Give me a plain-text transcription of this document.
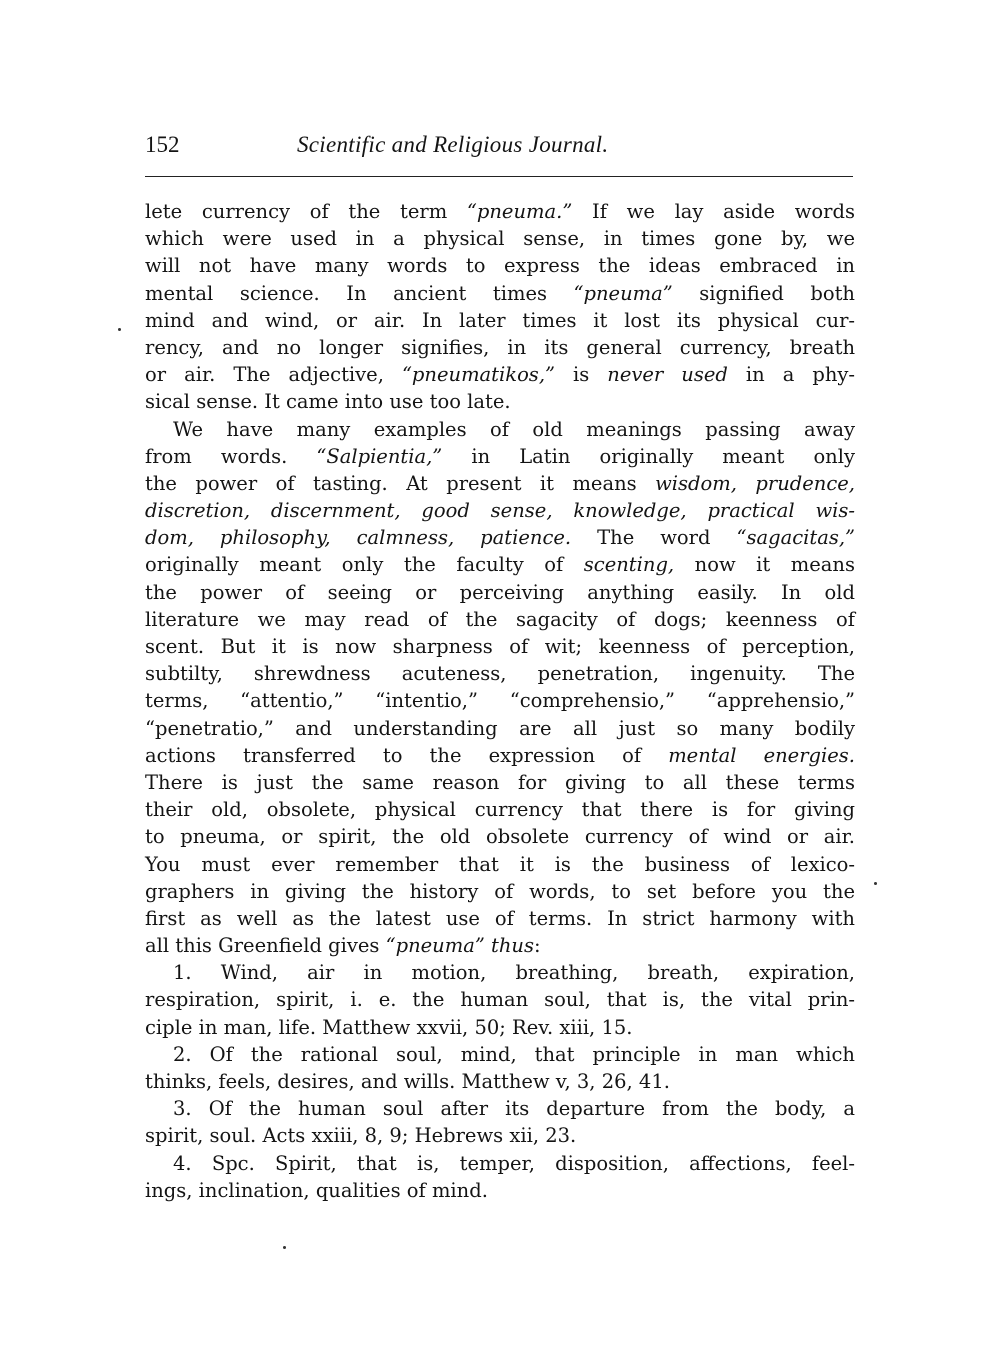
152	Scientific and Religious Journal.
lete currency of the term “pneuma.” If we lay aside words
which were used in a physical sense, in times gone by, we
will not have many words to express the ideas embraced in
mental science. In ancient times “pneuma” signified both
mind and wind, or air. In later times it lost its physical cur-
rency, and no longer signifies, in its general currency, breath
or air. The adjective, “pneumatikos,” is never used in a phy-
sical sense. It came into use too late.
We have many examples of old meanings passing away
from words. “Salpientia,” in Latin originally meant only
the power of tasting. At present it means wisdom, prudence,
discretion, discernment, good sense, knowledge, practical wis-
dom, philosophy, calmness, patience. The word “sagacitas,”
originally meant only the faculty of scenting, now it means
the power of seeing or perceiving anything easily. In old
literature we may read of the sagacity of dogs; keenness of
scent. But it is now sharpness of wit; keenness of perception,
subtilty, shrewdness acuteness, penetration, ingenuity. The
terms, “attentio,” “intentio,” “comprehensio,” “apprehensio,”
“penetratio,” and understanding are all just so many bodily
actions transferred to the expression of mental energies.
There is just the same reason for giving to all these terms
their old, obsolete, physical currency that there is for giving
to pneuma, or spirit, the old obsolete currency of wind or air.
You must ever remember that it is the business of lexico-
graphers in giving the history of words, to set before you the
first as well as the latest use of terms. In strict harmony with
all this Greenfield gives “pneuma” thus:
1. Wind, air in motion, breathing, breath, expiration,
respiration, spirit, i. e. the human soul, that is, the vital prin-
ciple in man, life. Matthew xxvii, 50; Rev. xiii, 15.
2. Of the rational soul, mind, that principle in man which
thinks, feels, desires, and wills. Matthew v, 3, 26, 41.
3. Of the human soul after its departure from the body, a
spirit, soul. Acts xxiii, 8, 9; Hebrews xii, 23.
4. Spc. Spirit, that is, temper, disposition, affections, feel-
ings, inclination, qualities of mind.
